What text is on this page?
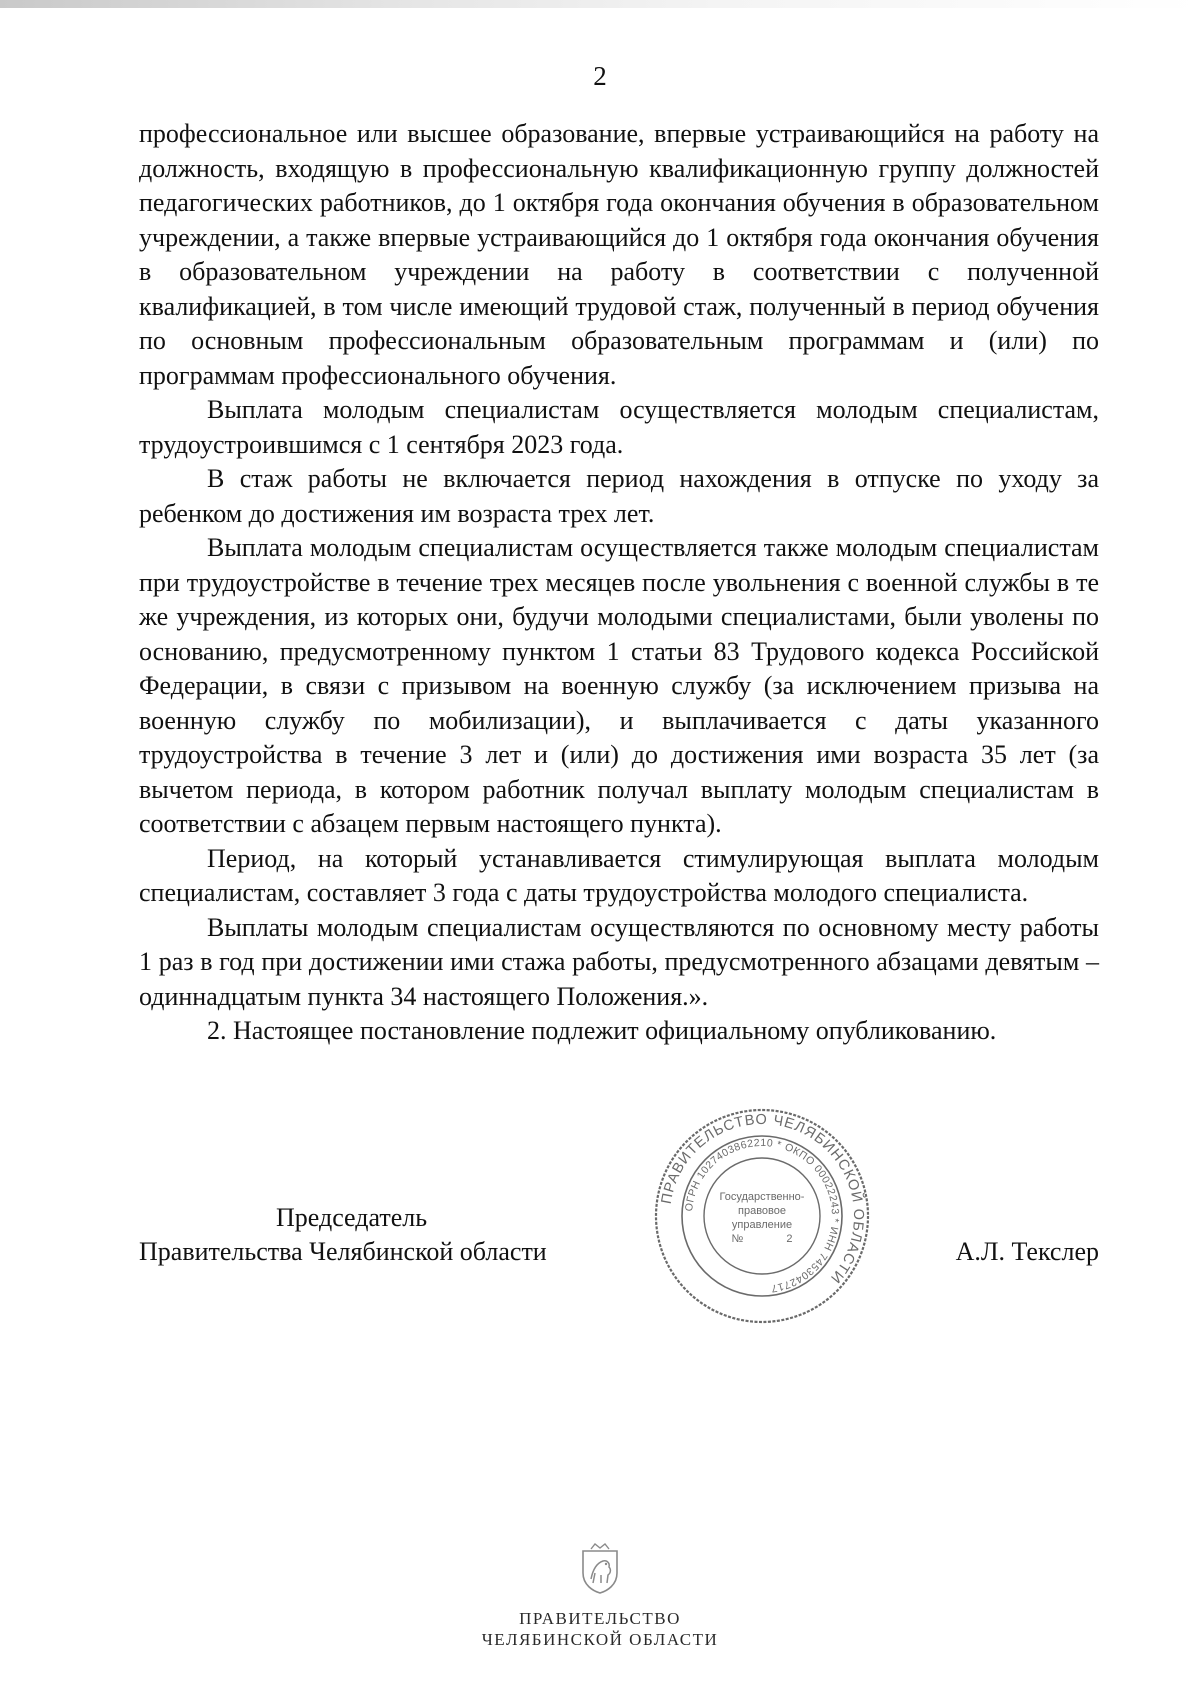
2

профессиональное или высшее образование, впервые устраивающийся на работу на должность, входящую в профессиональную квалификационную группу должностей педагогических работников, до 1 октября года окончания обучения в образовательном учреждении, а также впервые устраивающийся до 1 октября года окончания обучения в образовательном учреждении на работу в соответствии с полученной квалификацией, в том числе имеющий трудовой стаж, полученный в период обучения по основным профессиональным образовательным программам и (или) по программам профессионального обучения.

Выплата молодым специалистам осуществляется молодым специалистам, трудоустроившимся с 1 сентября 2023 года.

В стаж работы не включается период нахождения в отпуске по уходу за ребенком до достижения им возраста трех лет.

Выплата молодым специалистам осуществляется также молодым специалистам при трудоустройстве в течение трех месяцев после увольнения с военной службы в те же учреждения, из которых они, будучи молодыми специалистами, были уволены по основанию, предусмотренному пунктом 1 статьи 83 Трудового кодекса Российской Федерации, в связи с призывом на военную службу (за исключением призыва на военную службу по мобилизации), и выплачивается с даты указанного трудоустройства в течение 3 лет и (или) до достижения ими возраста 35 лет (за вычетом периода, в котором работник получал выплату молодым специалистам в соответствии с абзацем первым настоящего пункта).

Период, на который устанавливается стимулирующая выплата молодым специалистам, составляет 3 года с даты трудоустройства молодого специалиста.

Выплаты молодым специалистам осуществляются по основному месту работы 1 раз в год при достижении ими стажа работы, предусмотренного абзацами девятым – одиннадцатым пункта 34 настоящего Положения.».

2. Настоящее постановление подлежит официальному опубликованию.

ПРАВИТЕЛЬСТВО ЧЕЛЯБИНСКОЙ ОБЛАСТИ
ОГРН 1027403862210 * ОКПО 00022243 * ИНН 7453042717
Государственно- правовое управление № 2
Председатель
Правительства Челябинской области	А.Л. Текслер
ПРАВИТЕЛЬСТВО
ЧЕЛЯБИНСКОЙ ОБЛАСТИ
